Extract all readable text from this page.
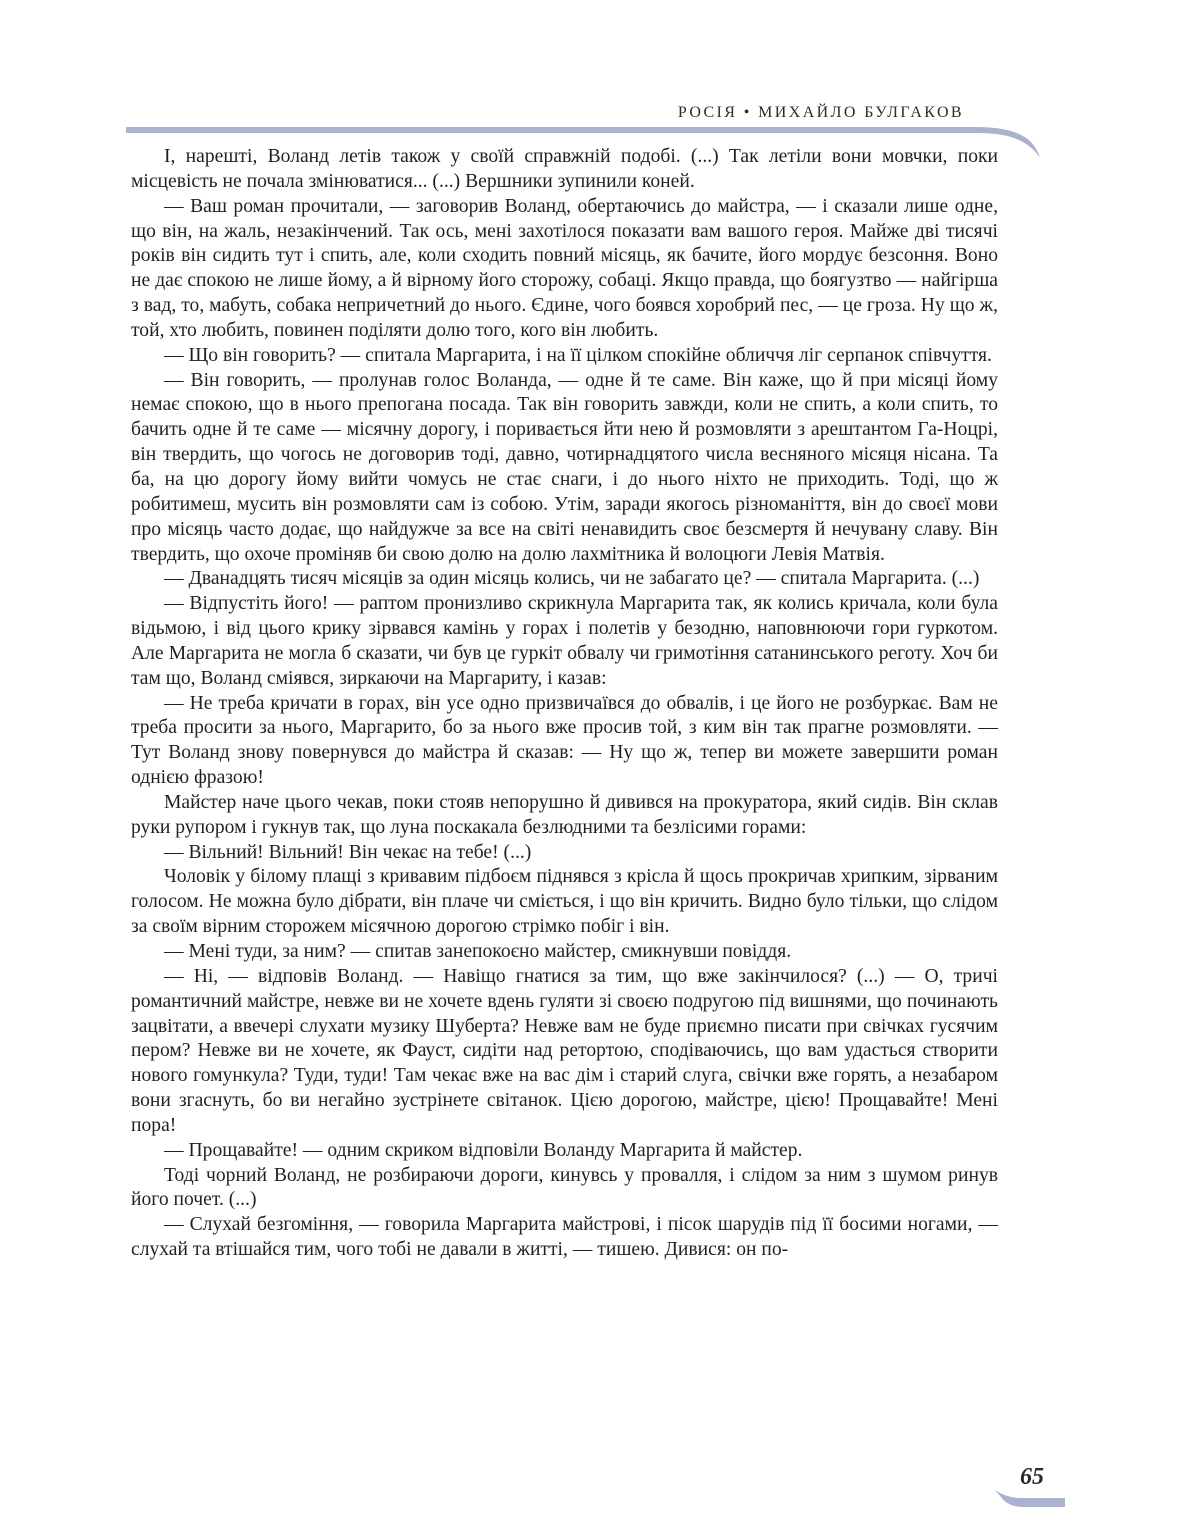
РОСІЯ • МИХАЙЛО БУЛГАКОВ

І, нарешті, Воланд летів також у своїй справжній подобі. (...) Так летіли вони мовчки, поки місцевість не почала змінюватися... (...) Вершники зупинили коней.

— Ваш роман прочитали, — заговорив Воланд, обертаючись до майстра, — і сказали лише одне, що він, на жаль, незакінчений. Так ось, мені захотілося показати вам вашого героя. Майже дві тисячі років він сидить тут і спить, але, коли сходить повний місяць, як бачите, його мордує безсоння. Воно не дає спокою не лише йому, а й вірному його сторожу, собаці. Якщо правда, що боягузтво — найгірша з вад, то, мабуть, собака непричетний до нього. Єдине, чого боявся хоробрий пес, — це гроза. Ну що ж, той, хто любить, повинен поділяти долю того, кого він любить.

— Що він говорить? — спитала Маргарита, і на її цілком спокійне обличчя ліг серпанок співчуття.

— Він говорить, — пролунав голос Воланда, — одне й те саме. Він каже, що й при місяці йому немає спокою, що в нього препогана посада. Так він говорить завжди, коли не спить, а коли спить, то бачить одне й те саме — місячну дорогу, і поривається йти нею й розмовляти з арештантом Га-Ноцрі, він твердить, що чогось не договорив тоді, давно, чотирнадцятого числа весняного місяця нісана. Та ба, на цю дорогу йому вийти чомусь не стає снаги, і до нього ніхто не приходить. Тоді, що ж робитимеш, мусить він розмовляти сам із собою. Утім, заради якогось різноманіття, він до своєї мови про місяць часто додає, що найдужче за все на світі ненавидить своє безсмертя й нечувану славу. Він твердить, що охоче проміняв би свою долю на долю лахмітника й волоцюги Левія Матвія.

— Дванадцять тисяч місяців за один місяць колись, чи не забагато це? — спитала Маргарита. (...)

— Відпустіть його! — раптом пронизливо скрикнула Маргарита так, як колись кричала, коли була відьмою, і від цього крику зірвався камінь у горах і полетів у безодню, наповнюючи гори гуркотом. Але Маргарита не могла б сказати, чи був це гуркіт обвалу чи гримотіння сатанинського реготу. Хоч би там що, Воланд сміявся, зиркаючи на Маргариту, і казав:

— Не треба кричати в горах, він усе одно призвичаївся до обвалів, і це його не розбуркає. Вам не треба просити за нього, Маргарито, бо за нього вже просив той, з ким він так прагне розмовляти. — Тут Воланд знову повернувся до майстра й сказав: — Ну що ж, тепер ви можете завершити роман однією фразою!

Майстер наче цього чекав, поки стояв непорушно й дивився на прокуратора, який сидів. Він склав руки рупором і гукнув так, що луна поскакала безлюдними та безлісими горами:

— Вільний! Вільний! Він чекає на тебе! (...)

Чоловік у білому плащі з кривавим підбоєм піднявся з крісла й щось прокричав хрипким, зірваним голосом. Не можна було дібрати, він плаче чи сміється, і що він кричить. Видно було тільки, що слідом за своїм вірним сторожем місячною дорогою стрімко побіг і він.

— Мені туди, за ним? — спитав занепокоєно майстер, смикнувши повіддя.

— Ні, — відповів Воланд. — Навіщо гнатися за тим, що вже закінчилося? (...) — О, тричі романтичний майстре, невже ви не хочете вдень гуляти зі своєю подругою під вишнями, що починають зацвітати, а ввечері слухати музику Шуберта? Невже вам не буде приємно писати при свічках гусячим пером? Невже ви не хочете, як Фауст, сидіти над ретортою, сподіваючись, що вам удасться створити нового гомункула? Туди, туди! Там чекає вже на вас дім і старий слуга, свічки вже горять, а незабаром вони згаснуть, бо ви негайно зустрінете світанок. Цією дорогою, майстре, цією! Прощавайте! Мені пора!

— Прощавайте! — одним скриком відповіли Воланду Маргарита й майстер.

Тоді чорний Воланд, не розбираючи дороги, кинувсь у провалля, і слідом за ним з шумом ринув його почет. (...)

— Слухай безгоміння, — говорила Маргарита майстрові, і пісок шарудів під її босими ногами, — слухай та втішайся тим, чого тобі не давали в житті, — тишею. Дивися: он по-

65
